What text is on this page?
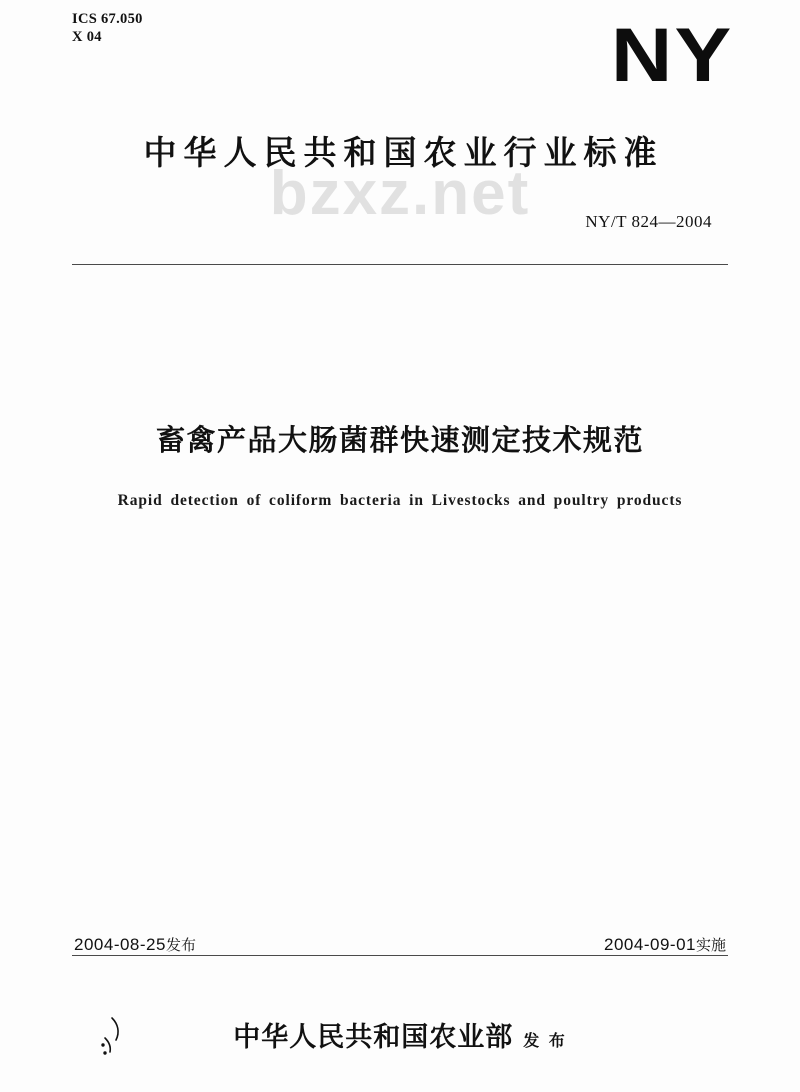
ICS 67.050
X 04	NY
中华人民共和国农业行业标准
bzxz.net	NY/T 824—2004
畜禽产品大肠菌群快速测定技术规范
Rapid detection of coliform bacteria in Livestocks and poultry products
2004-08-25发布	2004-09-01实施
中华人民共和国农业部 发 布
